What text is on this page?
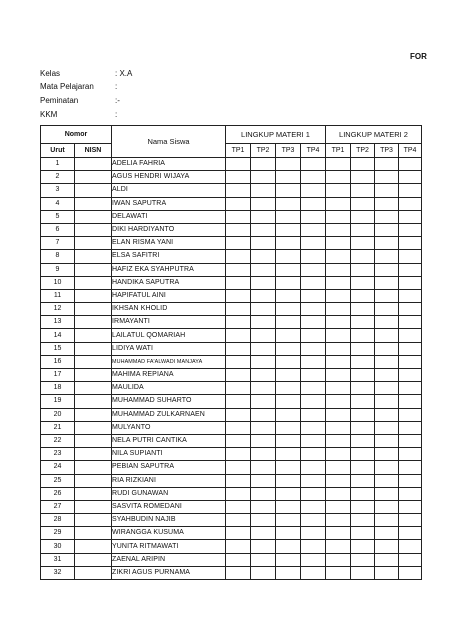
FOR
Kelas	: X.A
Mata Pelajaran	:
Peminatan	:-
KKM	:
Nomor		Nama Siswa	LINGKUP MATERI 1				LINGKUP MATERI 2			

Urut	NISN		TP1	TP2	TP3	TP4	TP1	TP2	TP3	TP4
1		ADELIA FAHRIA								
2		AGUS HENDRI WIJAYA								
3		ALDI								
4		IWAN SAPUTRA								
5		DELAWATI								
6		DIKI HARDIYANTO								
7		ELAN RISMA YANI								
8		ELSA SAFITRI								
9		HAFIZ EKA SYAHPUTRA								
10		HANDIKA SAPUTRA								
11		HAPIFATUL AINI								
12		IKHSAN KHOLID								
13		IRMAYANTI								
14		LAILATUL QOMARIAH								
15		LIDIYA WATI								
16		MUHAMMAD FA'ALWADI MANJAYA								
17		MAHIMA REPIANA								
18		MAULIDA								
19		MUHAMMAD SUHARTO								
20		MUHAMMAD ZULKARNAEN								
21		MULYANTO								
22		NELA PUTRI CANTIKA								
23		NILA SUPIANTI								
24		PEBIAN SAPUTRA								
25		RIA RIZKIANI								
26		RUDI GUNAWAN								
27		SASVITA ROMEDANI								
28		SYAHBUDIN NAJIB								
29		WIRANGGA KUSUMA								
30		YUNITA RITMAWATI								
31		ZAENAL ARIPIN								
32		ZIKRI AGUS PURNAMA								
